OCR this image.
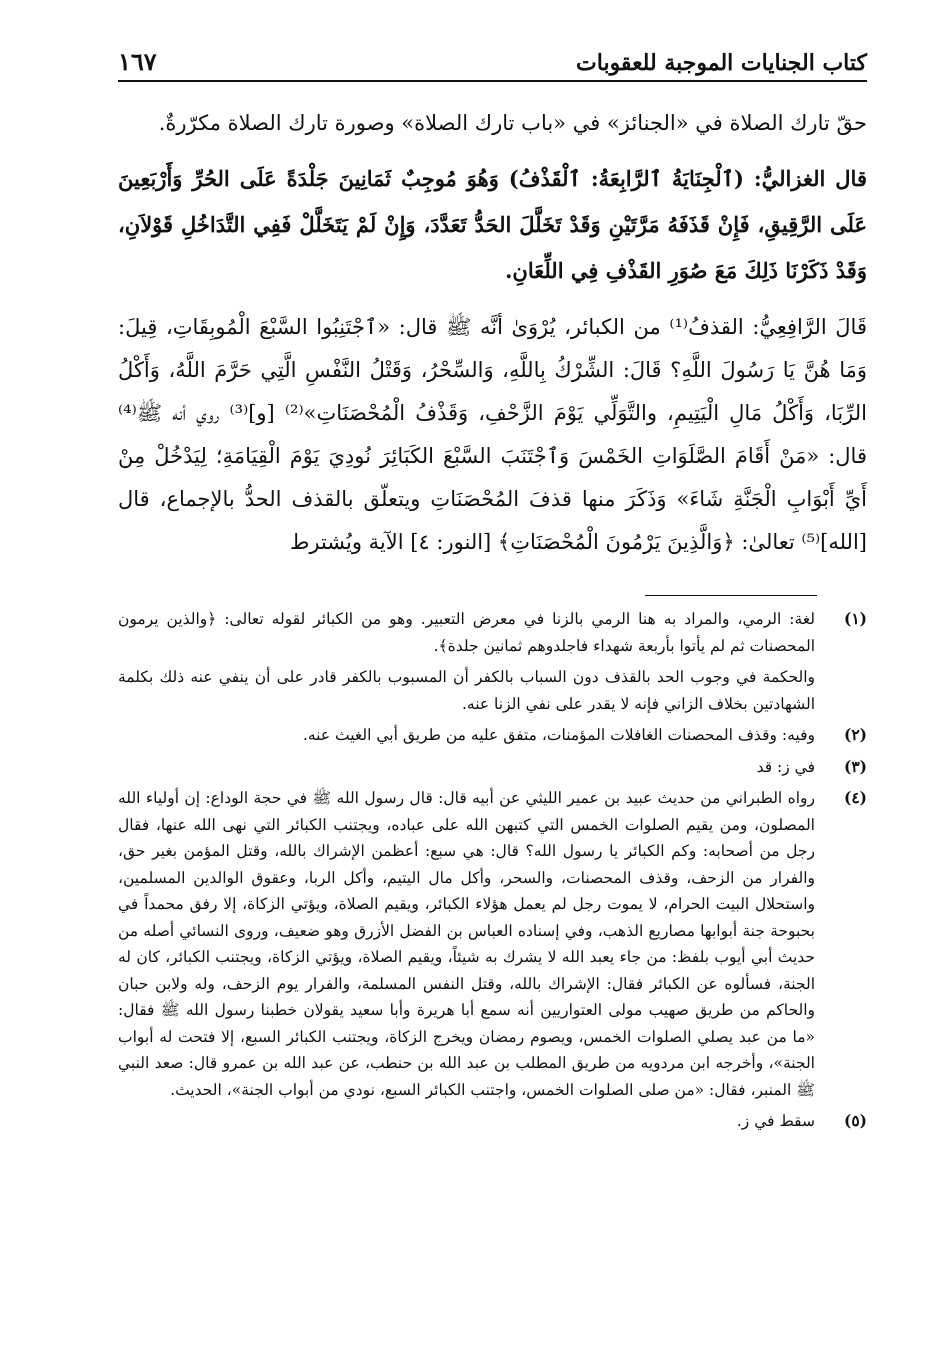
كتاب الجنايات الموجبة للعقوبات
١٦٧

حقّ تارك الصلاة في «الجنائز» في «باب تارك الصلاة» وصورة تارك الصلاة مكرّرةٌ.

قال الغزاليُّ: (ٱلْجِنَايَةُ ٱلرَّابِعَةُ: ٱلْقَذْفُ) وَهُوَ مُوجِبٌ ثَمَانِينَ جَلْدَةً عَلَى الحُرِّ وَأَرْبَعِينَ عَلَى الرَّقِيقِ، فَإِنْ قَذَفَهُ مَرَّتَيْنِ وَقَدْ تَخَلَّلَ الحَدُّ تَعَدَّدَ، وَإِنْ لَمْ يَتَخَلَّلْ فَفِي التَّدَاخُلِ قَوْلاَنِ، وَقَدْ ذَكَرْنَا ذَلِكَ مَعَ صُوَرِ القَذْفِ فِي اللِّعَانِ.

قَالَ الرَّافِعِيُّ: القذفُ⁽¹⁾ من الكبائر، يُرْوَىٰ أنَّه ﷺ قال: «ٱجْتَنِبُوا السَّبْعَ الْمُوبِقَاتِ، قِيلَ: وَمَا هُنَّ يَا رَسُولَ اللَّهِ؟ قَالَ: الشِّرْكُ بِاللَّهِ، وَالسِّحْرُ، وَقَتْلُ النَّفْسِ الَّتِي حَرَّمَ اللَّهُ، وَأَكْلُ الرِّبَا، وَأَكْلُ مَالِ الْيَتِيمِ، والتَّوَلِّي يَوْمَ الزَّحْفِ، وَقَذْفُ الْمُحْصَنَاتِ»⁽²⁾ [و]⁽³⁾ روي أنه ﷺ⁽⁴⁾ قال: «مَنْ أَقَامَ الصَّلَوَاتِ الخَمْسَ وَٱجْتَنَبَ السَّبْعَ الكَبَائِرَ نُودِيَ يَوْمَ الْقِيَامَةِ؛ لِيَدْخُلْ مِنْ أَيِّ أَبْوَابِ الْجَنَّةِ شَاءَ» وَذَكَرَ منها قذفَ المُحْصَنَاتِ ويتعلّق بالقذف الحدُّ بالإجماع، قال [الله]⁽⁵⁾ تعالىٰ: ﴿وَالَّذِينَ يَرْمُونَ الْمُحْصَنَاتِ﴾ [النور: ٤] الآية ويُشترط

(١)
لغة: الرمي، والمراد به هنا الرمي بالزنا في معرض التعبير. وهو من الكبائر لقوله تعالى: ﴿والذين يرمون المحصنات ثم لم يأتوا بأربعة شهداء فاجلدوهم ثمانين جلدة﴾.
والحكمة في وجوب الحد بالقذف دون السباب بالكفر أن المسبوب بالكفر قادر على أن ينفي عنه ذلك بكلمة الشهادتين بخلاف الزاني فإنه لا يقدر على نفي الزنا عنه.
(٢)
وفيه: وقذف المحصنات الغافلات المؤمنات، متفق عليه من طريق أبي الغيث عنه.
(٣)
في ز: قد
(٤)
رواه الطبراني من حديث عبيد بن عمير الليثي عن أبيه قال: قال رسول الله ﷺ في حجة الوداع: إن أولياء الله المصلون، ومن يقيم الصلوات الخمس التي كتبهن الله على عباده، ويجتنب الكبائر التي نهى الله عنها، فقال رجل من أصحابه: وكم الكبائر يا رسول الله؟ قال: هي سبع: أعظمن الإشراك بالله، وقتل المؤمن بغير حق، والفرار من الزحف، وقذف المحصنات، والسحر، وأكل مال اليتيم، وأكل الربا، وعقوق الوالدين المسلمين، واستحلال البيت الحرام، لا يموت رجل لم يعمل هؤلاء الكبائر، ويقيم الصلاة، ويؤتي الزكاة، إلا رفق محمداً في بحبوحة جنة أبوابها مصاريع الذهب، وفي إسناده العباس بن الفضل الأزرق وهو ضعيف، وروى النسائي أصله من حديث أبي أيوب بلفظ: من جاء يعبد الله لا يشرك به شيئاً، ويقيم الصلاة، ويؤتي الزكاة، ويجتنب الكبائر، كان له الجنة، فسألوه عن الكبائر فقال: الإشراك بالله، وقتل النفس المسلمة، والفرار يوم الزحف، وله ولابن حبان والحاكم من طريق صهيب مولى العتواريين أنه سمع أبا هريرة وأبا سعيد يقولان خطبنا رسول الله ﷺ فقال: «ما من عبد يصلي الصلوات الخمس، ويصوم رمضان ويخرج الزكاة، ويجتنب الكبائر السبع، إلا فتحت له أبواب الجنة»، وأخرجه ابن مردويه من طريق المطلب بن عبد الله بن حنطب، عن عبد الله بن عمرو قال: صعد النبي ﷺ المنبر، فقال: «من صلى الصلوات الخمس، واجتنب الكبائر السبع، نودي من أبواب الجنة»، الحديث.
(٥)
سقط في ز.
